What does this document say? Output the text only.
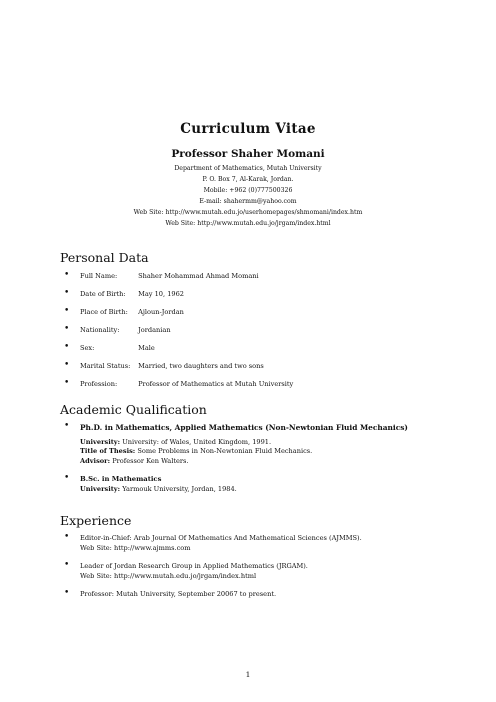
Curriculum Vitae
Professor Shaher Momani
Department of Mathematics, Mutah University
P. O. Box 7, Al-Karak, Jordan.
Mobile: +962 (0)777500326
E-mail: shahermm@yahoo.com
Web Site: http://www.mutah.edu.jo/userhomepages/shmomani/index.htm
Web Site: http://www.mutah.edu.jo/jrgam/index.html
Personal Data
• Full Name:	Shaher Mohammad Ahmad Momani
• Date of Birth: May 10, 1962
• Place of Birth: Ajloun-Jordan
• Nationality:	Jordanian
• Sex:	Male
• Marital Status: Married, two daughters and two sons
• Profession:	Professor of Mathematics at Mutah University
Academic Qualification
• Ph.D. in Mathematics, Applied Mathematics (Non-Newtonian Fluid Mechanics)
University: University: of Wales, United Kingdom, 1991.
Title of Thesis: Some Problems in Non-Newtonian Fluid Mechanics.
Advisor: Professor Ken Walters.
• B.Sc. in Mathematics
University: Yarmouk University, Jordan, 1984.
Experience
• Editor-in-Chief: Arab Journal Of Mathematics And Mathematical Sciences (AJMMS).
Web Site: http://www.ajmms.com
• Leader of Jordan Research Group in Applied Mathematics (JRGAM).
Web Site: http://www.mutah.edu.jo/jrgam/index.html
• Professor: Mutah University, September 20067 to present.
1
